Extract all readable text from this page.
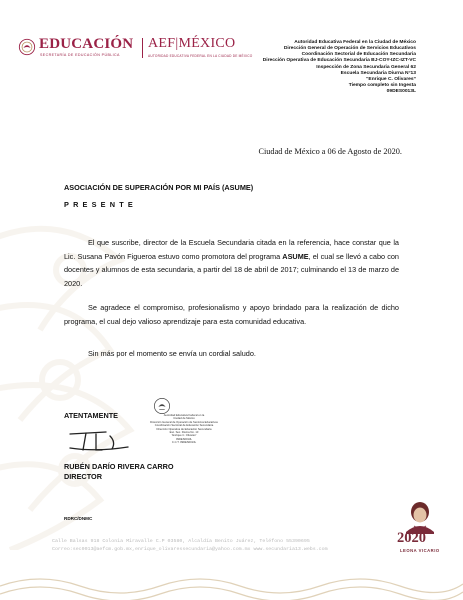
EDUCACIÓN
SECRETARÍA DE EDUCACIÓN PÚBLICA
AEF|MÉXICO
AUTORIDAD EDUCATIVA FEDERAL EN LA CIUDAD DE MÉXICO
Autoridad Educativa Federal en la Ciudad de México
Dirección General de Operación de Servicios Educativos
Coordinación Sectorial de Educación Secundaria
Dirección Operativa de Educación Secundaria BJ-COY-IZC-IZT-VC
Inspección de Zona Secundaria General 62
Escuela Secundaria Diurna N°13
“Enrique C. Olivares”
Tiempo completo sin Ingesta
09DES0013L
Ciudad de México a 06 de Agosto de 2020.
ASOCIACIÓN DE SUPERACIÓN POR MI PAÍS (ASUME)
PRESENTE

El que suscribe, director de la Escuela Secundaria citada en la referencia, hace constar que la Lic. Susana Pavón Figueroa estuvo como promotora del programa ASUME, el cual se llevó a cabo con docentes y alumnos de esta secundaria, a partir del 18 de abril de 2017; culminando el 13 de marzo de 2020.

Se agradece el compromiso, profesionalismo y apoyo brindado para la realización de dicho programa, el cual dejo valioso aprendizaje para esta comunidad educativa.

Sin más por el momento se envía un cordial saludo.

ATENTAMENTE
RUBÉN DARÍO RIVERA CARRO
DIRECTOR
Autoridad Educativa Federal en la
Ciudad de México
Dirección General de Operación de Servicios Educativos
Coordinación Sectorial de Educación Secundaria
Dirección Operativa de Educación Secundaria
Esc. Sec. Diurna No. 13
“Enrique C. Olivares”
09DES0013L
C.C.T. 09DES0013L
RDRC/DNMC
Calle Balsas 918 Colonia Miravalle C.P 03580, Alcaldía Benito Juárez, Teléfono 55390695
Correo:sec0013@aefcm.gob.mx,enrique_olivaressecundaria@yahoo.com.mx www.secundaria13.webs.com
2020
LEONA VICARIO
